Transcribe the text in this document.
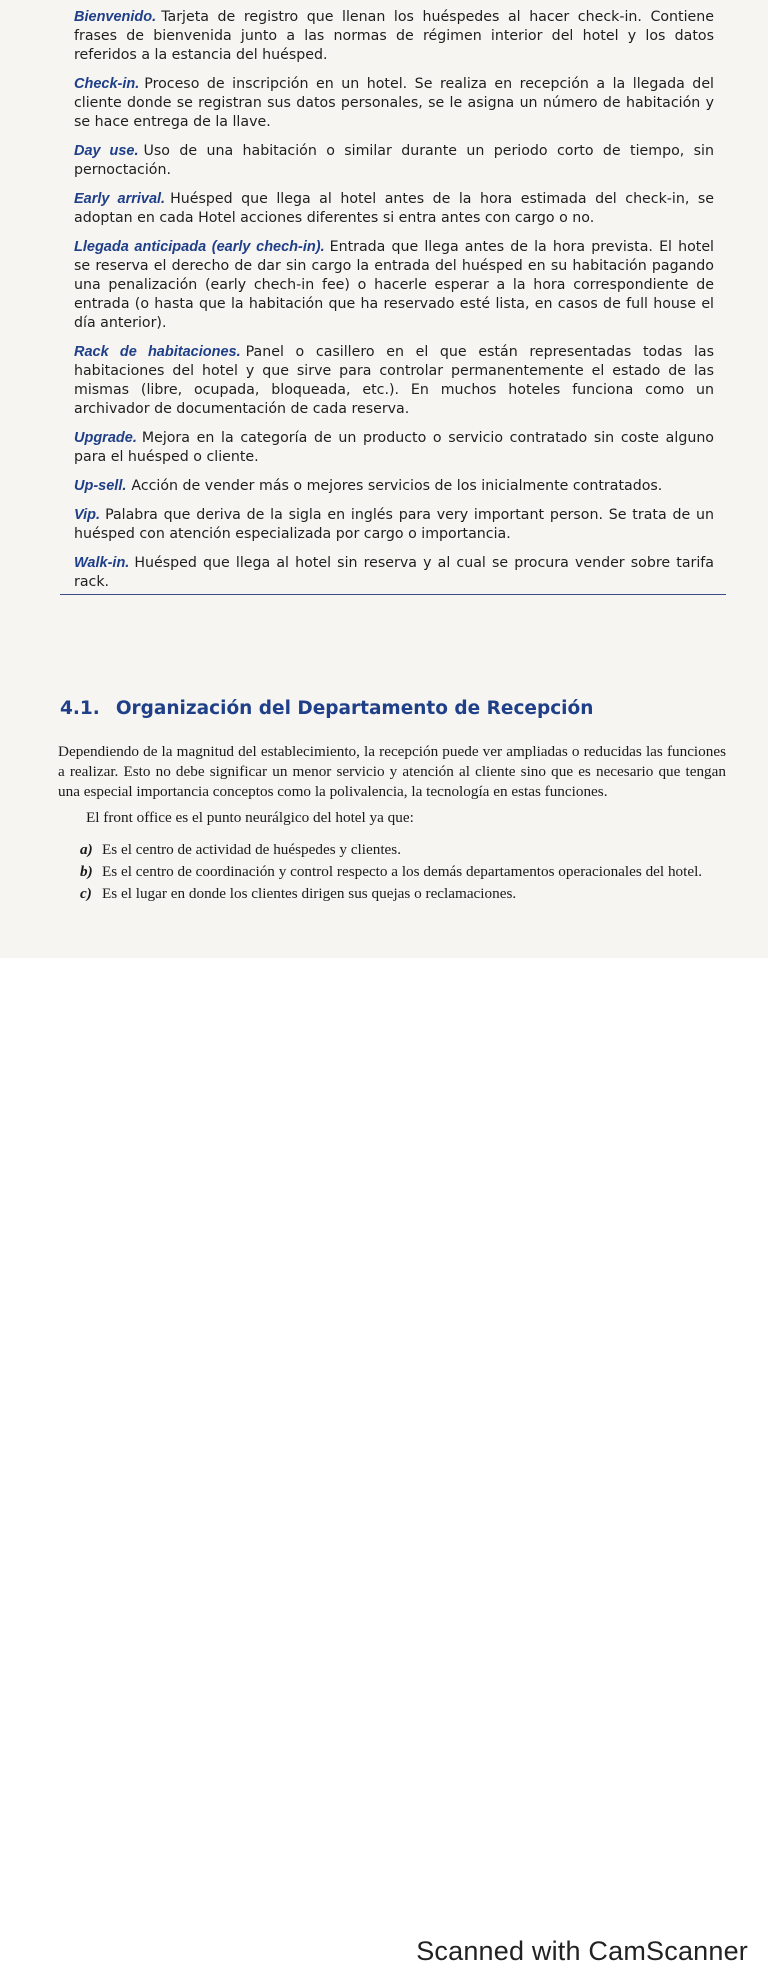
Bienvenido. Tarjeta de registro que llenan los huéspedes al hacer check-in. Contiene frases de bienvenida junto a las normas de régimen interior del hotel y los datos referidos a la estancia del huésped.

Check-in. Proceso de inscripción en un hotel. Se realiza en recepción a la llegada del cliente donde se registran sus datos personales, se le asigna un número de habitación y se hace entrega de la llave.

Day use. Uso de una habitación o similar durante un periodo corto de tiempo, sin pernoctación.

Early arrival. Huésped que llega al hotel antes de la hora estimada del check-in, se adoptan en cada Hotel acciones diferentes si entra antes con cargo o no.

Llegada anticipada (early chech-in). Entrada que llega antes de la hora prevista. El hotel se reserva el derecho de dar sin cargo la entrada del huésped en su habitación pagando una penalización (early chech-in fee) o hacerle esperar a la hora correspondiente de entrada (o hasta que la habitación que ha reservado esté lista, en casos de full house el día anterior).

Rack de habitaciones. Panel o casillero en el que están representadas todas las habitaciones del hotel y que sirve para controlar permanentemente el estado de las mismas (libre, ocupada, bloqueada, etc.). En muchos hoteles funciona como un archivador de documentación de cada reserva.

Upgrade. Mejora en la categoría de un producto o servicio contratado sin coste alguno para el huésped o cliente.

Up-sell. Acción de vender más o mejores servicios de los inicialmente contratados.

Vip. Palabra que deriva de la sigla en inglés para very important person. Se trata de un huésped con atención especializada por cargo o importancia.

Walk-in. Huésped que llega al hotel sin reserva y al cual se procura vender sobre tarifa rack.

4.1. Organización del Departamento de Recepción

Dependiendo de la magnitud del establecimiento, la recepción puede ver ampliadas o reducidas las funciones a realizar. Esto no debe significar un menor servicio y atención al cliente sino que es necesario que tengan una especial importancia conceptos como la polivalencia, la tecnología en estas funciones.

El front office es el punto neurálgico del hotel ya que:

a) Es el centro de actividad de huéspedes y clientes.
b) Es el centro de coordinación y control respecto a los demás departamentos operacionales del hotel.
c) Es el lugar en donde los clientes dirigen sus quejas o reclamaciones.
Scanned with CamScanner
